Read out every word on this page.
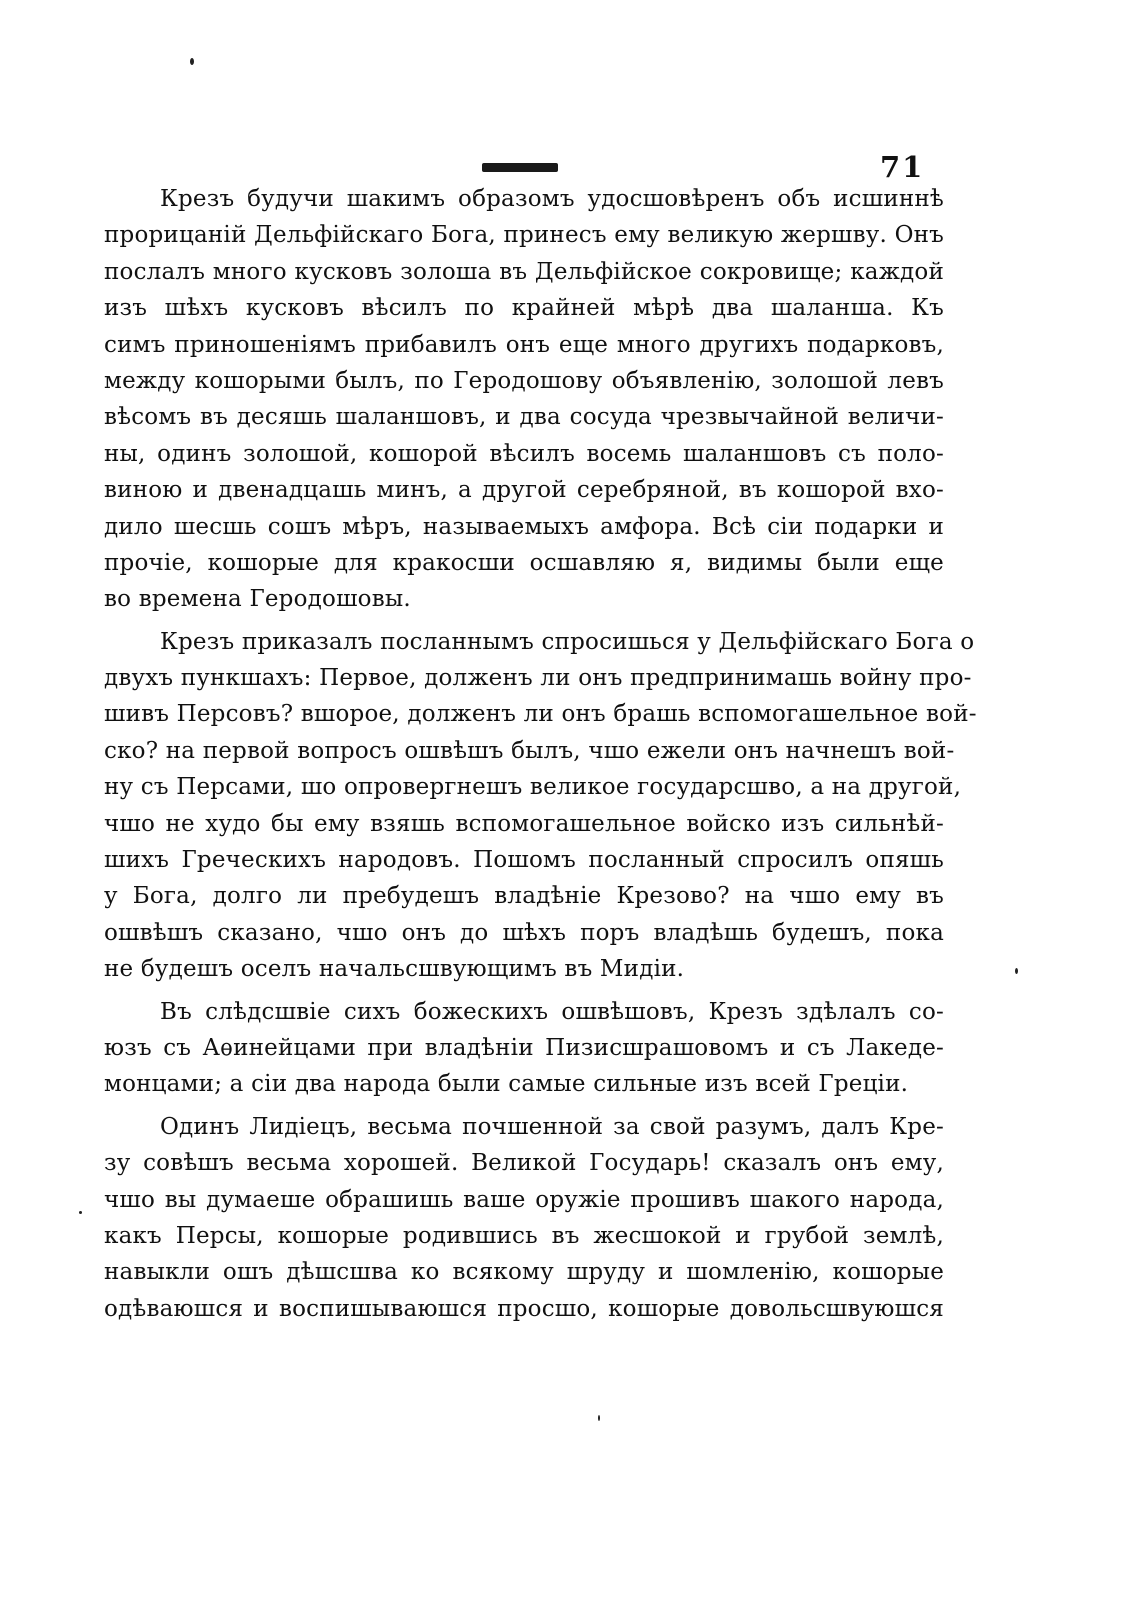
71
Крезъ будучи шакимъ образомъ удосшовѣренъ объ исшиннѣ
прорицаній Дельфійскаго Бога, принесъ ему великую жершву. Онъ
послалъ много кусковъ золоша въ Дельфійское сокровище; каждой
изъ шѣхъ кусковъ вѣсилъ по крайней мѣрѣ два шаланша. Къ
симъ приношеніямъ прибавилъ онъ еще много другихъ подарковъ,
между кошорыми былъ, по Геродошову объявленію, золошой левъ
вѣсомъ въ десяшь шаланшовъ, и два сосуда чрезвычайной величи-
ны, одинъ золошой, кошорой вѣсилъ восемь шаланшовъ съ поло-
виною и двенадцашь минъ, а другой серебряной, въ кошорой вхо-
дило шесшь сошъ мѣръ, называемыхъ амфора. Всѣ сіи подарки и
прочіе, кошорые для кракосши осшавляю я, видимы были еще
во времена Геродошовы.
Крезъ приказалъ посланнымъ спросишься у Дельфійскаго Бога о
двухъ пункшахъ: Первое, долженъ ли онъ предпринимашь войну про-
шивъ Персовъ? вшорое, долженъ ли онъ брашь вспомогашельное вой-
ско? на первой вопросъ ошвѣшъ былъ, чшо ежели онъ начнешъ вой-
ну съ Персами, шо опровергнешъ великое государсшво, а на другой,
чшо не худо бы ему взяшь вспомогашельное войско изъ сильнѣй-
шихъ Греческихъ народовъ. Пошомъ посланный спросилъ опяшь
у Бога, долго ли пребудешъ владѣніе Крезово? на чшо ему въ
ошвѣшъ сказано, чшо онъ до шѣхъ поръ владѣшь будешъ, пока
не будешъ оселъ начальсшвующимъ въ Мидіи.
Въ слѣдсшвіе сихъ божескихъ ошвѣшовъ, Крезъ здѣлалъ со-
юзъ съ Аѳинейцами при владѣніи Пизисшрашовомъ и съ Лакеде-
монцами; а сіи два народа были самые сильные изъ всей Греціи.
Одинъ Лидіецъ, весьма почшенной за свой разумъ, далъ Кре-
зу совѣшъ весьма хорошей. Великой Государь! сказалъ онъ ему,
чшо вы думаеше обрашишь ваше оружіе прошивъ шакого народа,
какъ Персы, кошорые родившись въ жесшокой и грубой землѣ,
навыкли ошъ дѣшсшва ко всякому шруду и шомленію, кошорые
одѣваюшся и воспишываюшся просшо, кошорые довольсшвуюшся
